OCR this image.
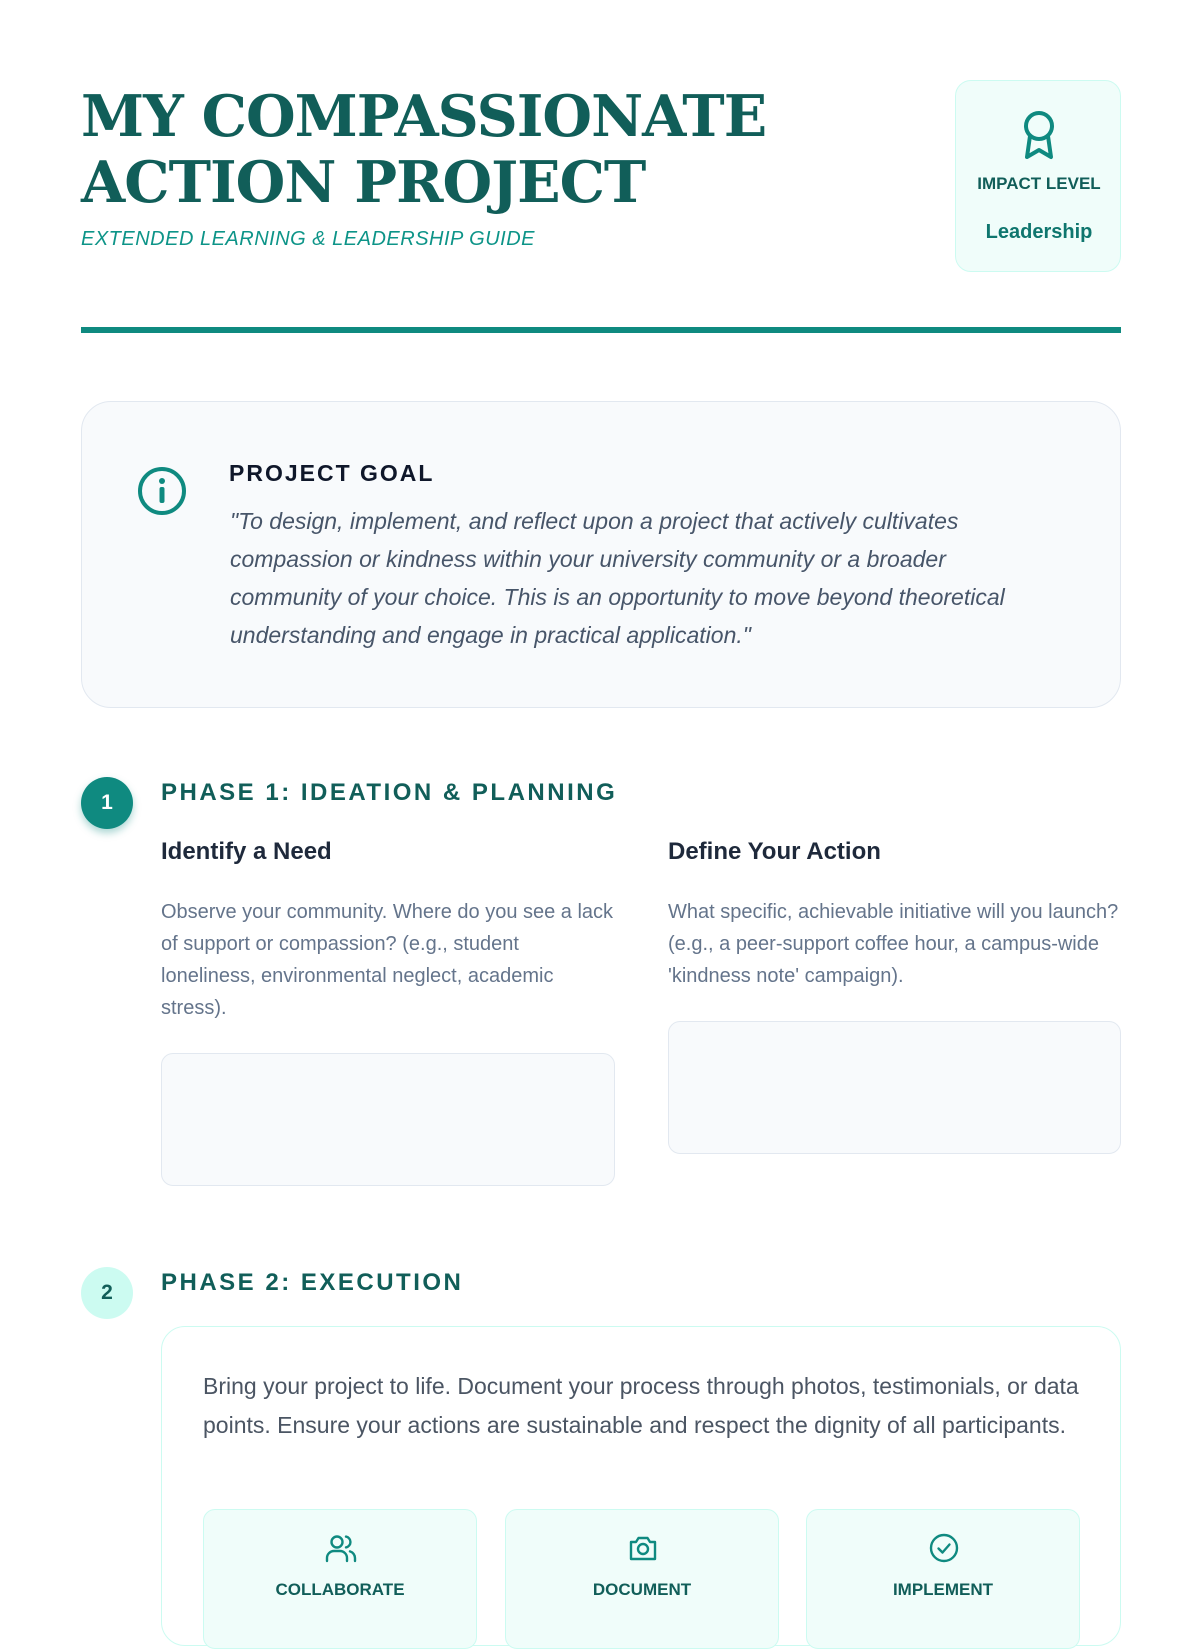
MY COMPASSIONATE ACTION PROJECT
EXTENDED LEARNING & LEADERSHIP GUIDE
IMPACT LEVEL
Leadership
PROJECT GOAL

"To design, implement, and reflect upon a project that actively cultivates compassion or kindness within your university community or a broader community of your choice. This is an opportunity to move beyond theoretical understanding and engage in practical application."

1	PHASE 1: IDEATION & PLANNING
Identify a Need

Observe your community. Where do you see a lack of support or compassion? (e.g., student loneliness, environmental neglect, academic stress).

Define Your Action

What specific, achievable initiative will you launch? (e.g., a peer-support coffee hour, a campus-wide 'kindness note' campaign).

2	PHASE 2: EXECUTION

Bring your project to life. Document your process through photos, testimonials, or data points. Ensure your actions are sustainable and respect the dignity of all participants.

COLLABORATE	DOCUMENT	IMPLEMENT
